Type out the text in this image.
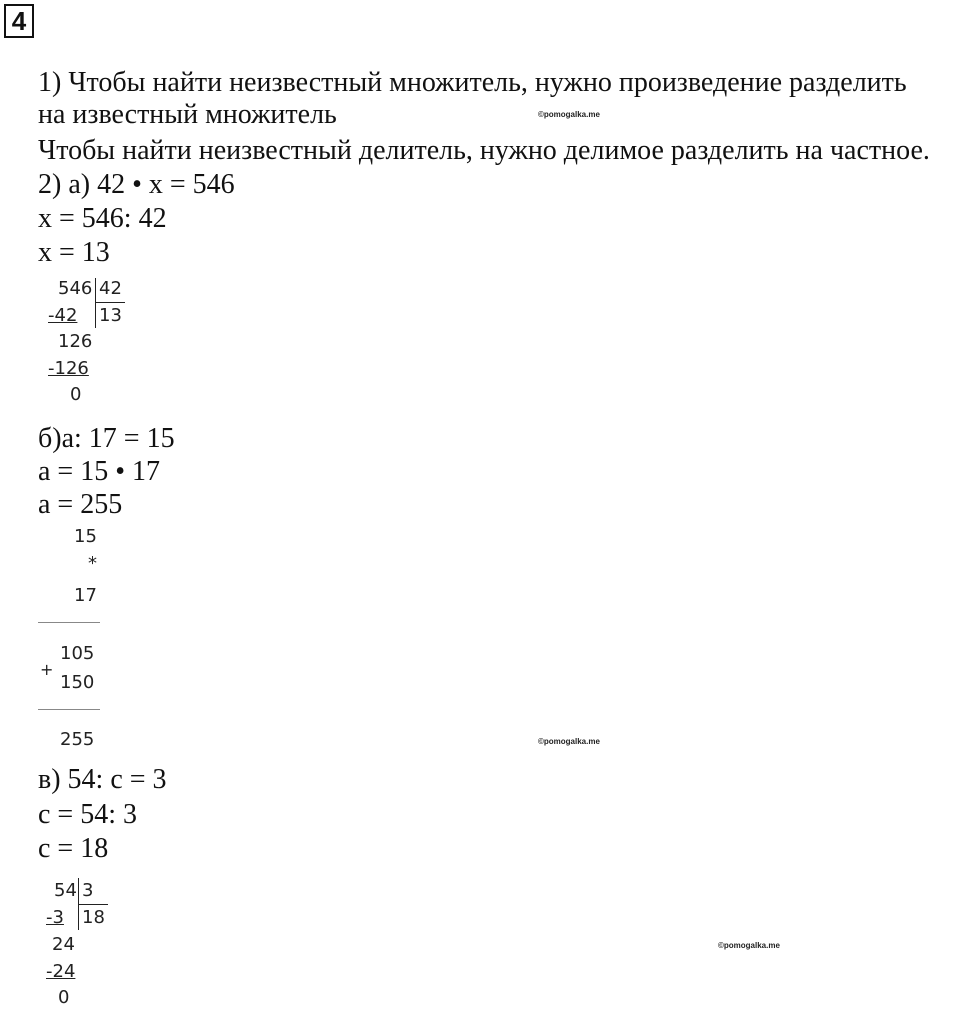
4
1) Чтобы найти неизвестный множитель, нужно произведение разделить
на известный множитель	©pomogalka.me
Чтобы найти неизвестный делитель, нужно делимое разделить на частное.
2) а) 42 • x = 546
x = 546: 42
x = 13
546 42
-42 13
126
-126
0
б)а: 17 = 15
а = 15 • 17
а = 255
15
*
17
105
+
150
255	©pomogalka.me
в) 54: с = 3
с = 54: 3
с = 18
54 3
-3 18
24
-24
0
©pomogalka.me
